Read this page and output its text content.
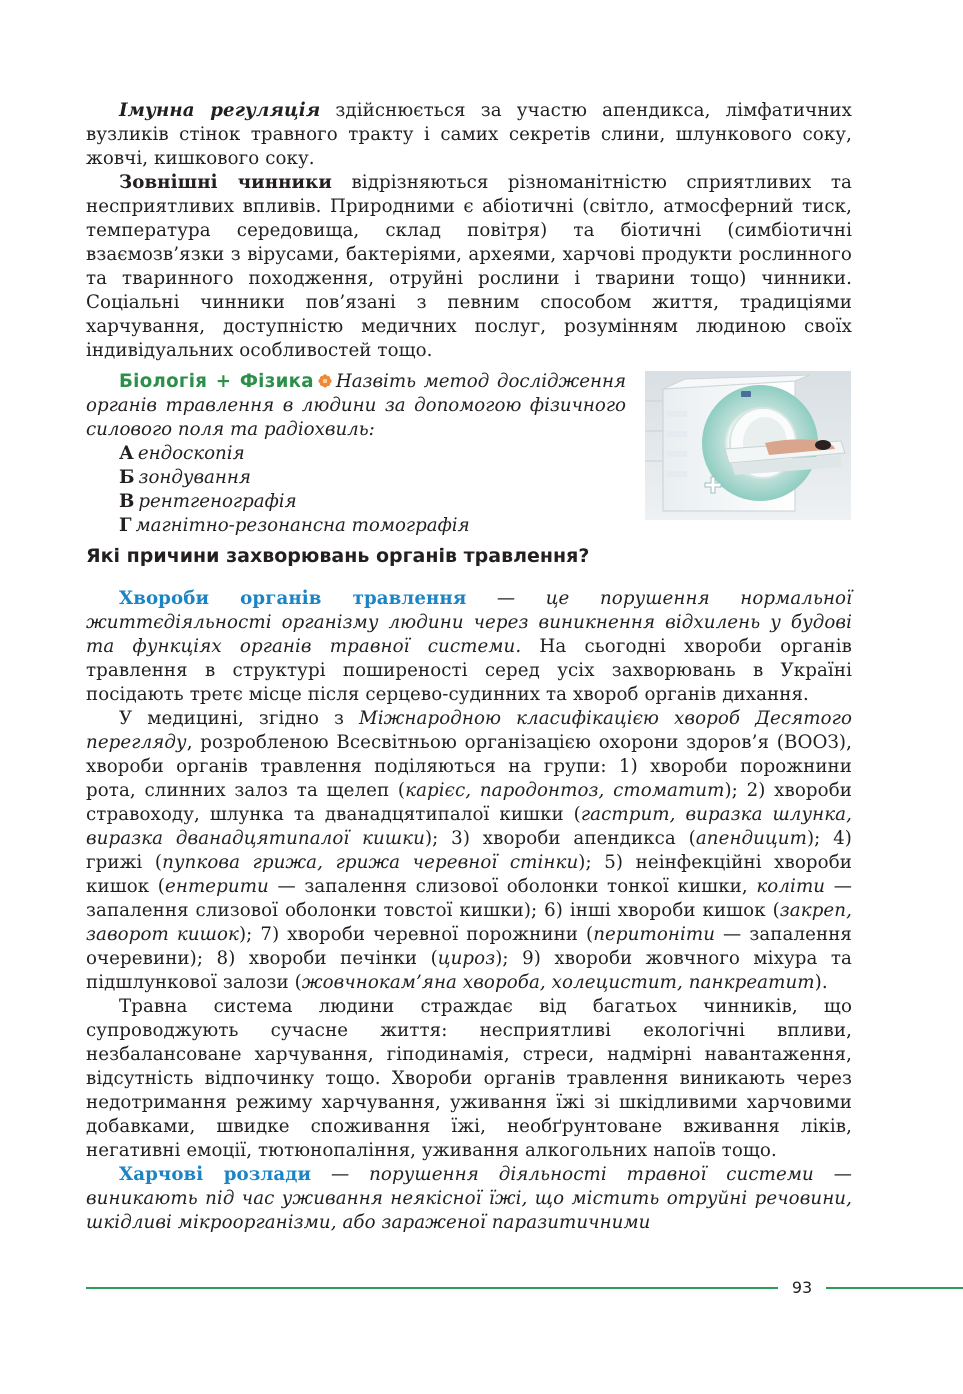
Імунна регуляція здійснюється за участю апендикса, лімфатичних вузликів стінок травного тракту і самих секретів слини, шлункового соку, жовчі, кишкового соку.

Зовнішні чинники відрізняються різноманітністю сприятливих та несприятливих впливів. Природними є абіотичні (світло, атмосферний тиск, температура середовища, склад повітря) та біотичні (симбіотичні взаємозв’язки з вірусами, бактеріями, археями, харчові продукти рослинного та тваринного походження, отруйні рослини і тварини тощо) чинники. Соціальні чинники пов’язані з певним способом життя, традиціями харчування, доступністю медичних послуг, розумінням людиною своїх індивідуальних особливостей тощо.

Біологія + Фізика Назвіть метод дослідження органів травлення в людини за допомогою фізичного силового поля та радіохвиль:

А ендоскопія

Б зондування

В рентгенографія

Г магнітно-резонансна томографія

Які причини захворювань органів травлення?

Хвороби органів травлення — це порушення нормальної життєдіяльності організму людини через виникнення відхилень у будові та функціях органів травної системи. На сьогодні хвороби органів травлення в структурі поширеності серед усіх захворювань в Україні посідають третє місце після серцево-судинних та хвороб органів дихання.

У медицині, згідно з Міжнародною класифікацією хвороб Десятого перегляду, розробленою Всесвітньою організацією охорони здоров’я (ВООЗ), хвороби органів травлення поділяються на групи: 1) хвороби порожнини рота, слинних залоз та щелеп (карієс, пародонтоз, стоматит); 2) хвороби стравоходу, шлунка та дванадцятипалої кишки (гастрит, виразка шлунка, виразка дванадцятипалої кишки); 3) хвороби апендикса (апендицит); 4) грижі (пупкова грижа, грижа черевної стінки); 5) неінфекційні хвороби кишок (ентерити — запалення слизової оболонки тонкої кишки, коліти — запалення слизової оболонки товстої кишки); 6) інші хвороби кишок (закреп, заворот кишок); 7) хвороби черевної порожнини (перитоніти — запалення очеревини); 8) хвороби печінки (цироз); 9) хвороби жовчного міхура та підшлункової залози (жовчнокам’яна хвороба, холецистит, панкреатит).

Травна система людини страждає від багатьох чинників, що супроводжують сучасне життя: несприятливі екологічні впливи, незбалансоване харчування, гіподинамія, стреси, надмірні навантаження, відсутність відпочинку тощо. Хвороби органів травлення виникають через недотримання режиму харчування, уживання їжі зі шкідливими харчовими добавками, швидке споживання їжі, необґрунтоване вживання ліків, негативні емоції, тютюнопаління, уживання алкогольних напоїв тощо.

Харчові розлади — порушення діяльності травної системи — виникають під час уживання неякісної їжі, що містить отруйні речовини, шкідливі мікроорганізми, або зараженої паразитичними

93
